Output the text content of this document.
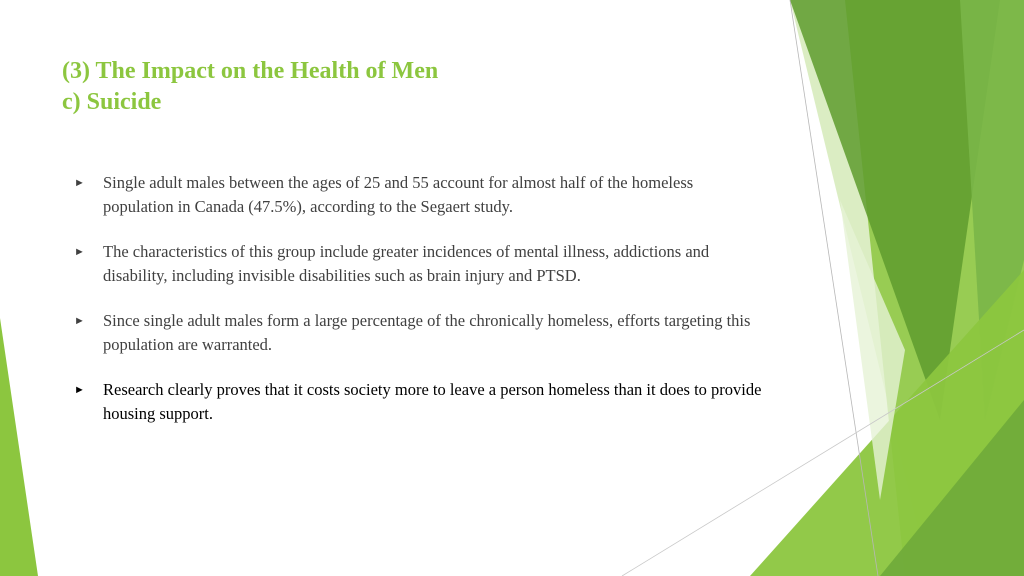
(3) The Impact on the Health of Men
c) Suicide
► Single adult males between the ages of 25 and 55 account for almost half of the homeless population in Canada (47.5%), according to the Segaert study.
► The characteristics of this group include greater incidences of mental illness, addictions and disability, including invisible disabilities such as brain injury and PTSD.
► Since single adult males form a large percentage of the chronically homeless, efforts targeting this population are warranted.
► Research clearly proves that it costs society more to leave a person homeless than it does to provide housing support.
